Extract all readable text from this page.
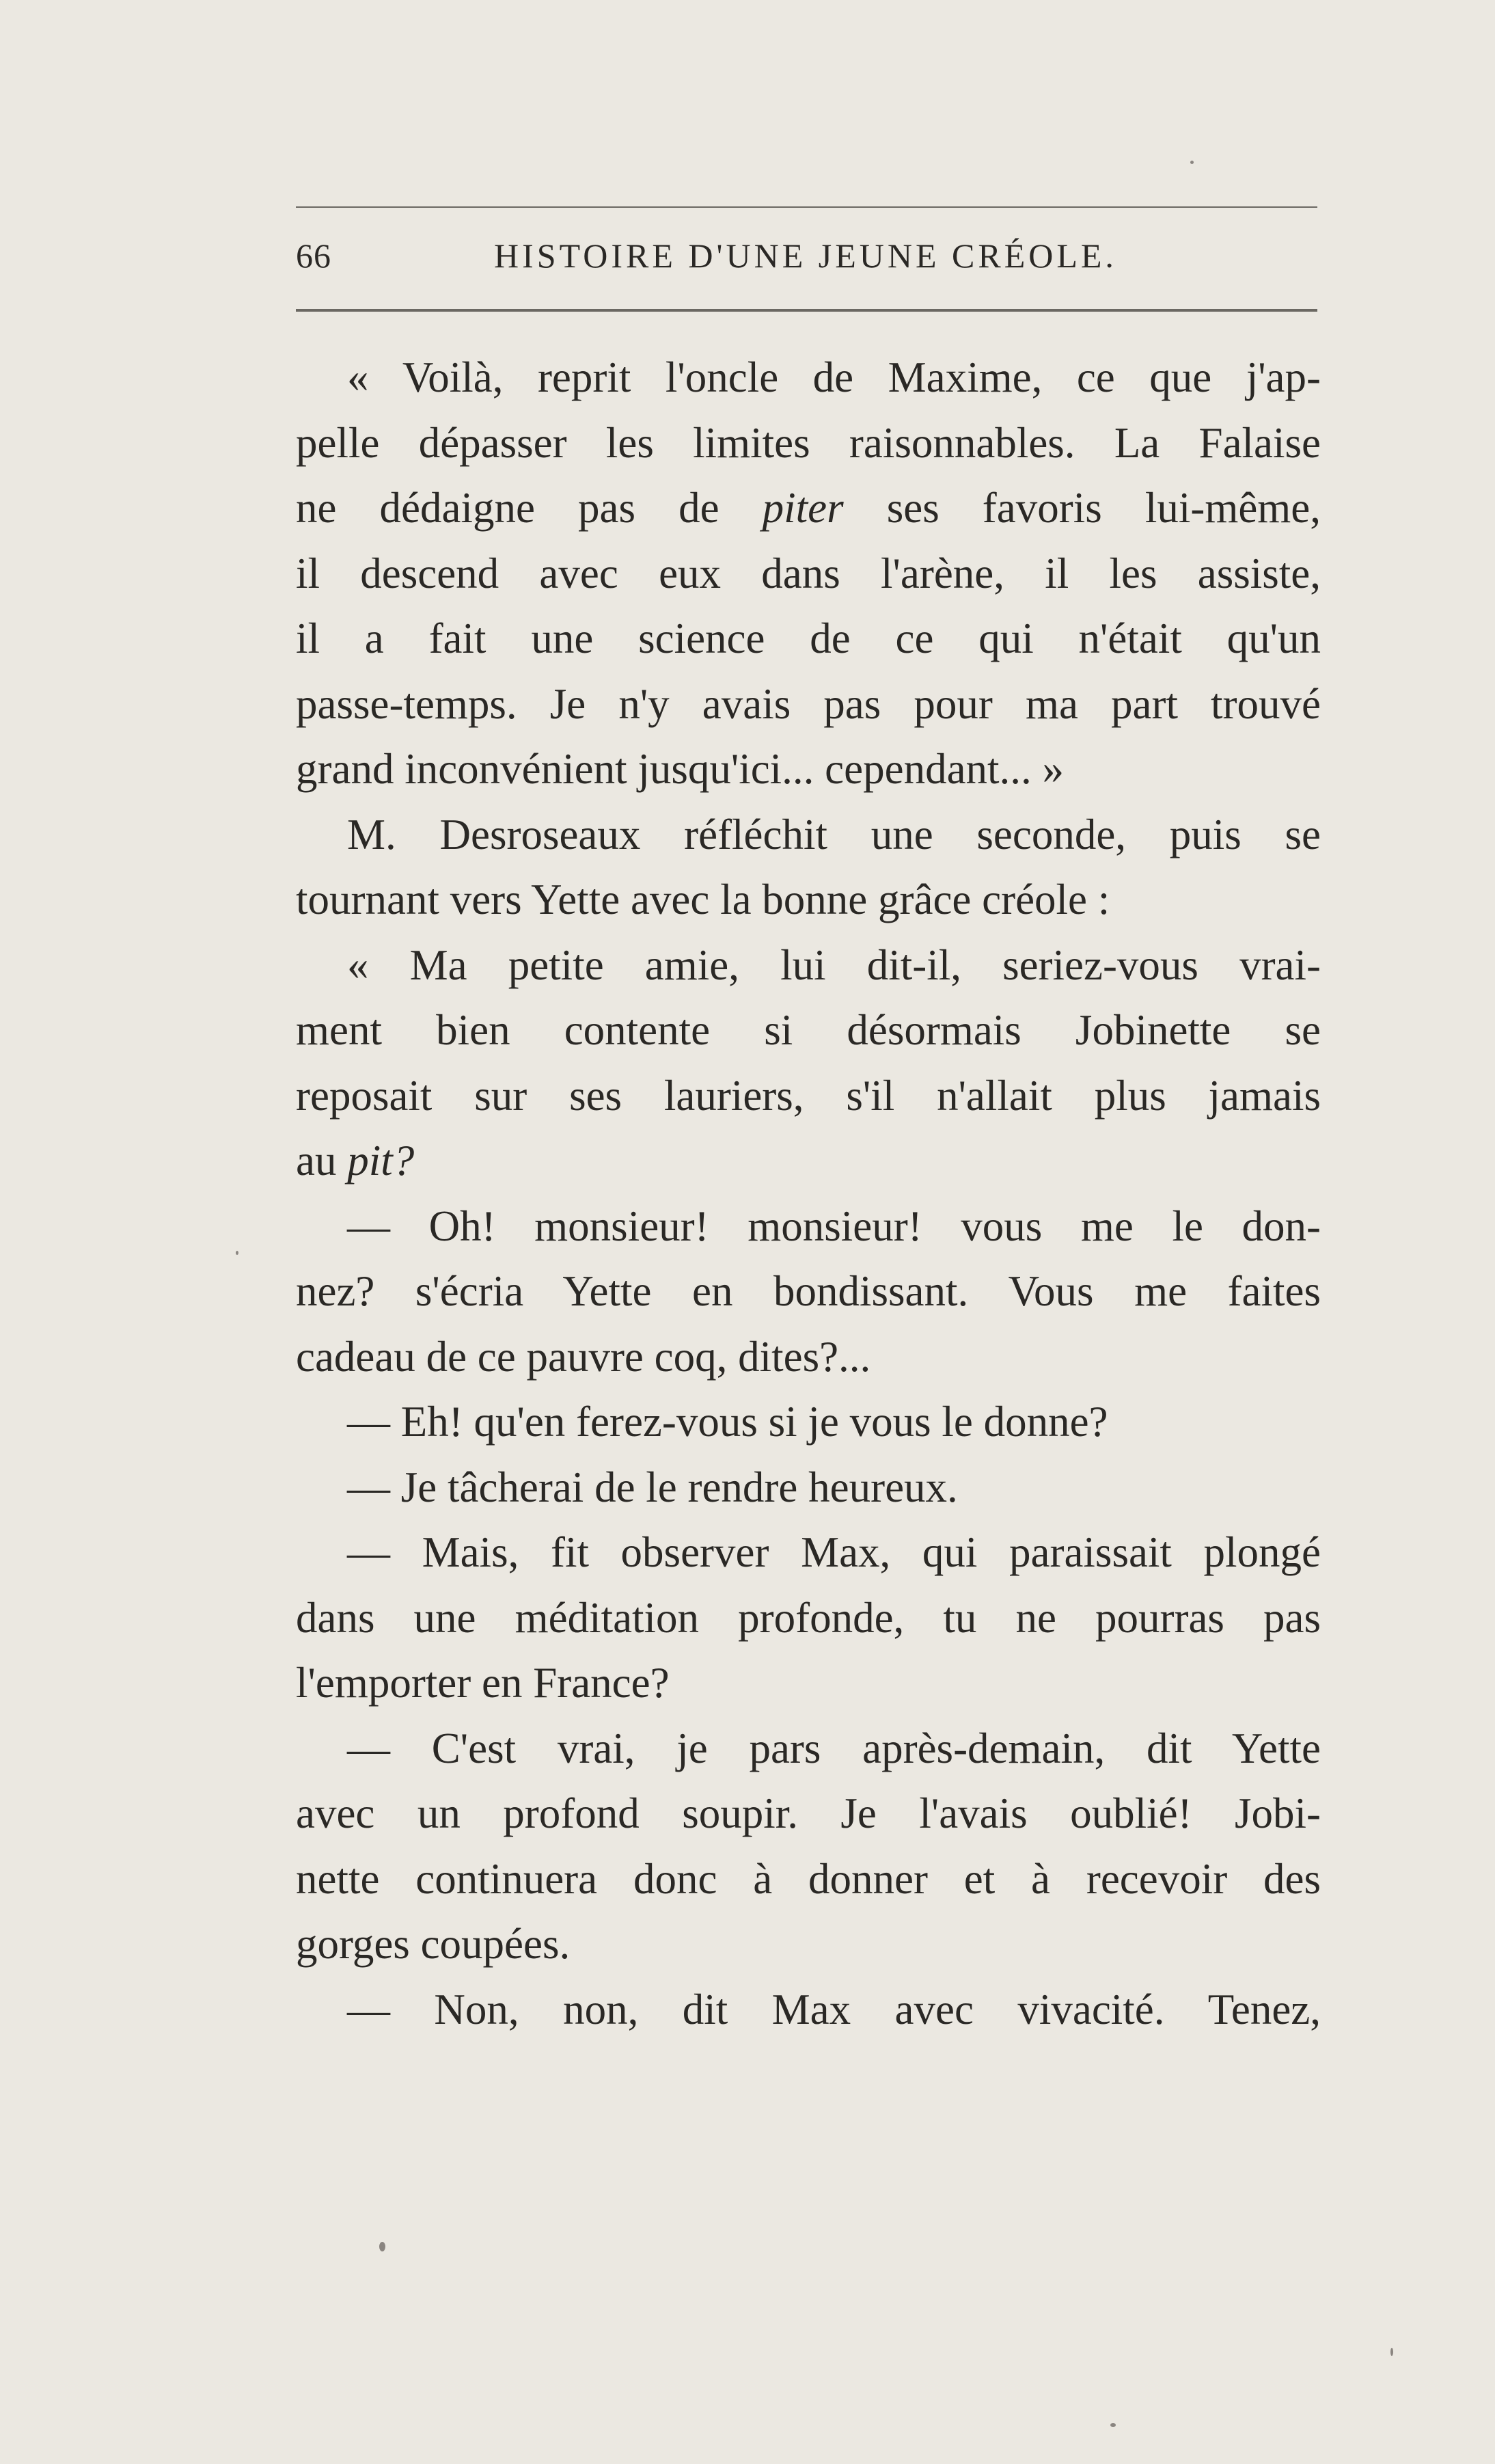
66	HISTOIRE D'UNE JEUNE CRÉOLE.
« Voilà, reprit l'oncle de Maxime, ce que j'ap-
pelle dépasser les limites raisonnables. La Falaise
ne dédaigne pas de piter ses favoris lui-même,
il descend avec eux dans l'arène, il les assiste,
il a fait une science de ce qui n'était qu'un
passe-temps. Je n'y avais pas pour ma part trouvé
grand inconvénient jusqu'ici... cependant... »
M. Desroseaux réfléchit une seconde, puis se
tournant vers Yette avec la bonne grâce créole :
« Ma petite amie, lui dit-il, seriez-vous vrai-
ment bien contente si désormais Jobinette se
reposait sur ses lauriers, s'il n'allait plus jamais
au pit?
— Oh! monsieur! monsieur! vous me le don-
nez? s'écria Yette en bondissant. Vous me faites
cadeau de ce pauvre coq, dites?...
— Eh! qu'en ferez-vous si je vous le donne?
— Je tâcherai de le rendre heureux.
— Mais, fit observer Max, qui paraissait plongé
dans une méditation profonde, tu ne pourras pas
l'emporter en France?
— C'est vrai, je pars après-demain, dit Yette
avec un profond soupir. Je l'avais oublié! Jobi-
nette continuera donc à donner et à recevoir des
gorges coupées.
— Non, non, dit Max avec vivacité. Tenez,
